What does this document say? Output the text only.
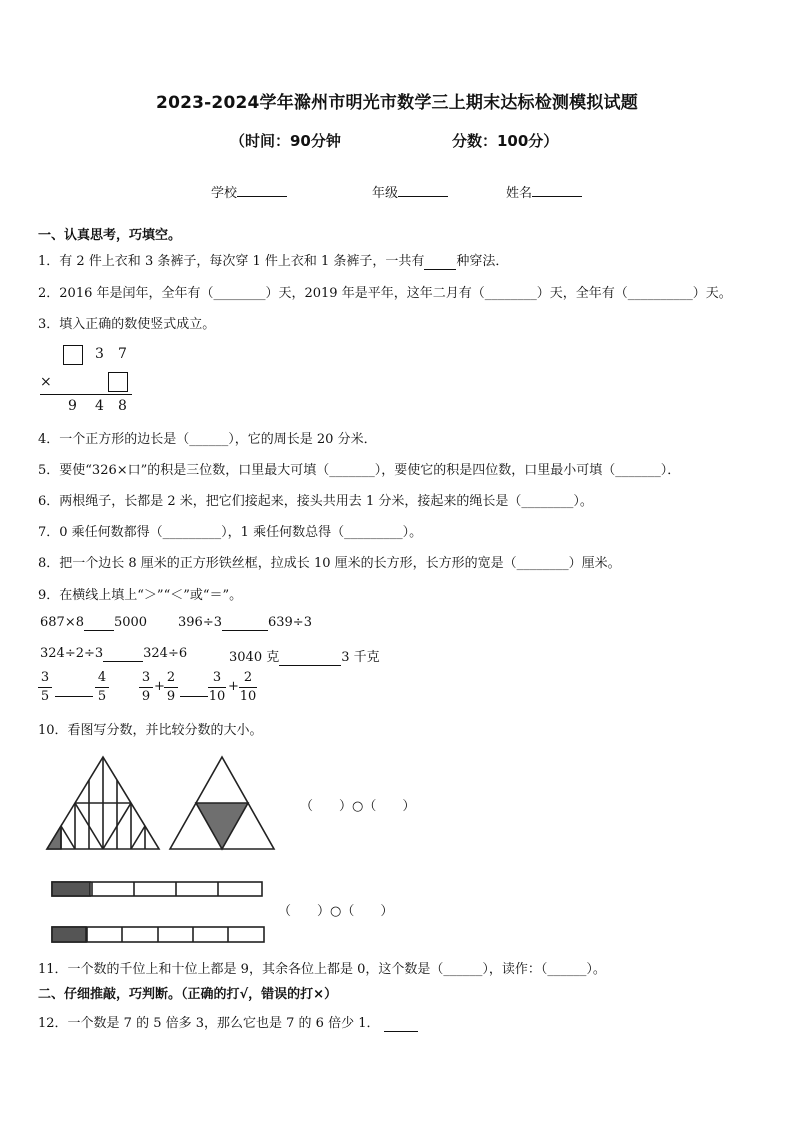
2023-2024学年滁州市明光市数学三上期末达标检测模拟试题
（时间：90分钟	分数：100分）
学校	年级	姓名
一、认真思考，巧填空。
1．有 2 件上衣和 3 条裤子，每次穿 1 件上衣和 1 条裤子，一共有 种穿法．
2．2016 年是闰年，全年有（________）天，2019 年是平年，这年二月有（________）天，全年有（__________）天。
3．填入正确的数使竖式成立。
3 7
×
9 4 8
4．一个正方形的边长是（______），它的周长是 20 分米．
5．要使“326×口”的积是三位数，口里最大可填（_______），要使它的积是四位数，口里最小可填（_______）．
6．两根绳子，长都是 2 米，把它们接起来，接头共用去 1 分米，接起来的绳长是（________）。
7．0 乘任何数都得（_________），1 乘任何数总得（_________）。
8．把一个边长 8 厘米的正方形铁丝框，拉成长 10 厘米的长方形，长方形的宽是（________）厘米。
9．在横线上填上“＞”“＜”或“＝”。
687×8 5000 396÷3	639÷3
324÷2÷3	324÷6	3040 克	3 千克
3
5
4
5
3
9
+
2
9
3
10
+
2
10
10．看图写分数，并比较分数的大小。
（　　）○（　　）
（　　）○（　　）
11．一个数的千位上和十位上都是 9，其余各位上都是 0，这个数是（______），读作：（______）。
二、仔细推敲，巧判断。（正确的打√，错误的打×）
12．一个数是 7 的 5 倍多 3，那么它也是 7 的 6 倍少 1．
